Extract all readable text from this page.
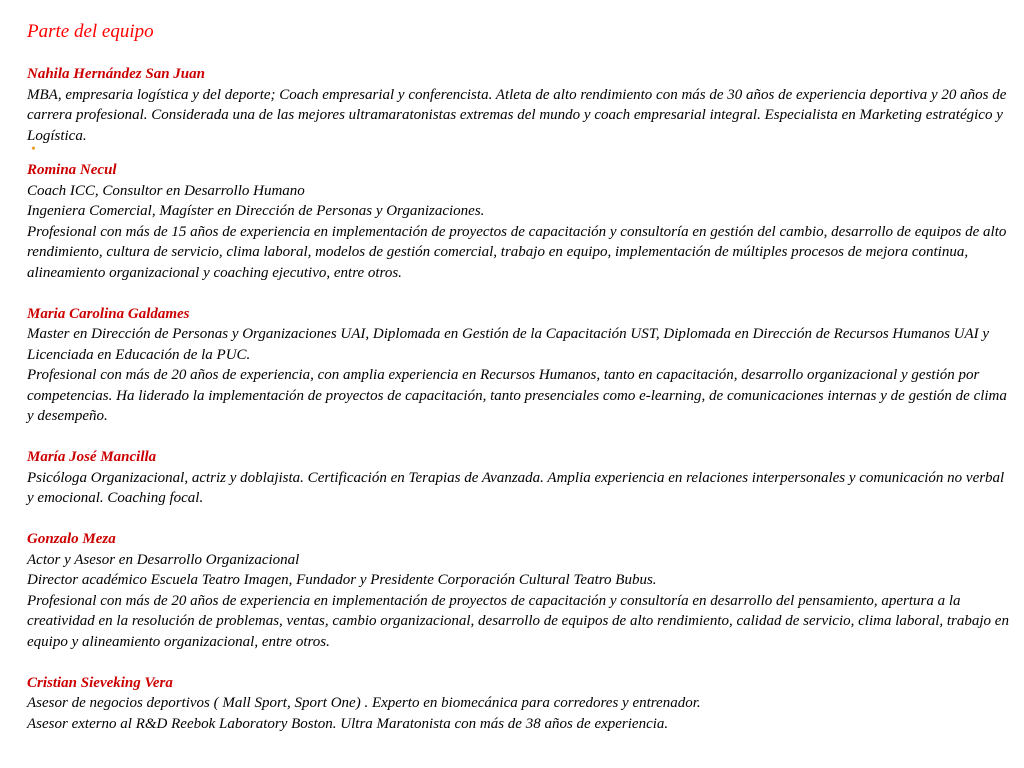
Parte del equipo
Nahila Hernández San Juan
MBA, empresaria logística y del deporte; Coach empresarial y conferencista. Atleta de alto rendimiento con más de 30 años de experiencia deportiva y 20 años de carrera profesional. Considerada una de las mejores ultramaratonistas extremas del mundo y coach empresarial integral. Especialista en Marketing estratégico y Logística.
•
Romina Necul
Coach ICC, Consultor en Desarrollo Humano
Ingeniera Comercial, Magíster en Dirección de Personas y Organizaciones.
Profesional con más de 15 años de experiencia en implementación de proyectos de capacitación y consultoría en gestión del cambio, desarrollo de equipos de alto rendimiento, cultura de servicio, clima laboral, modelos de gestión comercial, trabajo en equipo, implementación de múltiples procesos de mejora continua, alineamiento organizacional y coaching ejecutivo, entre otros.
Maria Carolina Galdames
Master en Dirección de Personas y Organizaciones UAI, Diplomada en Gestión de la Capacitación UST, Diplomada en Dirección de Recursos Humanos UAI y Licenciada en Educación de la PUC.
Profesional con más de 20 años de experiencia, con amplia experiencia en Recursos Humanos, tanto en capacitación, desarrollo organizacional y gestión por competencias. Ha liderado la implementación de proyectos de capacitación, tanto presenciales como e-learning, de comunicaciones internas y de gestión de clima y desempeño.
María José Mancilla
Psicóloga Organizacional, actriz y doblajista. Certificación en Terapias de Avanzada. Amplia experiencia en relaciones interpersonales y comunicación no verbal y emocional. Coaching focal.
Gonzalo Meza
Actor y Asesor en Desarrollo Organizacional
Director académico Escuela Teatro Imagen, Fundador y Presidente Corporación Cultural Teatro Bubus.
Profesional con más de 20 años de experiencia en implementación de proyectos de capacitación y consultoría en desarrollo del pensamiento, apertura a la creatividad en la resolución de problemas, ventas, cambio organizacional, desarrollo de equipos de alto rendimiento, calidad de servicio, clima laboral, trabajo en equipo y alineamiento organizacional, entre otros.
Cristian Sieveking Vera
Asesor de negocios deportivos ( Mall Sport, Sport One) . Experto en biomecánica para corredores y entrenador.
Asesor externo al R&D Reebok Laboratory Boston. Ultra Maratonista con más de 38 años de experiencia.
